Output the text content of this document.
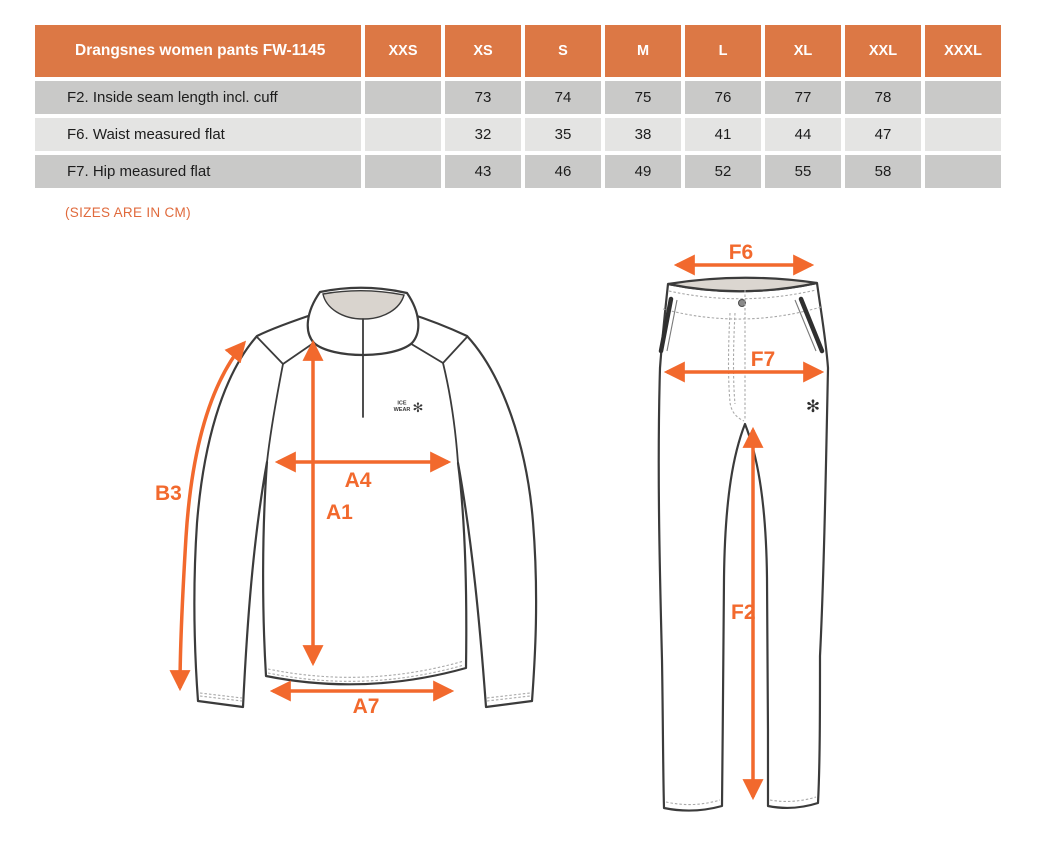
Drangsnes women pants FW-1145	XXS	XS	S	M	L	XL	XXL	XXXL
F2. Inside seam length incl. cuff		73	74	75	76	77	78	
F6. Waist measured flat		32	35	38	41	44	47	
F7. Hip measured flat		43	46	49	52	55	58	
(SIZES ARE IN CM)
ICE
WEAR ✻
B3
A4
A1
A7
✻
F6
F7
F2
